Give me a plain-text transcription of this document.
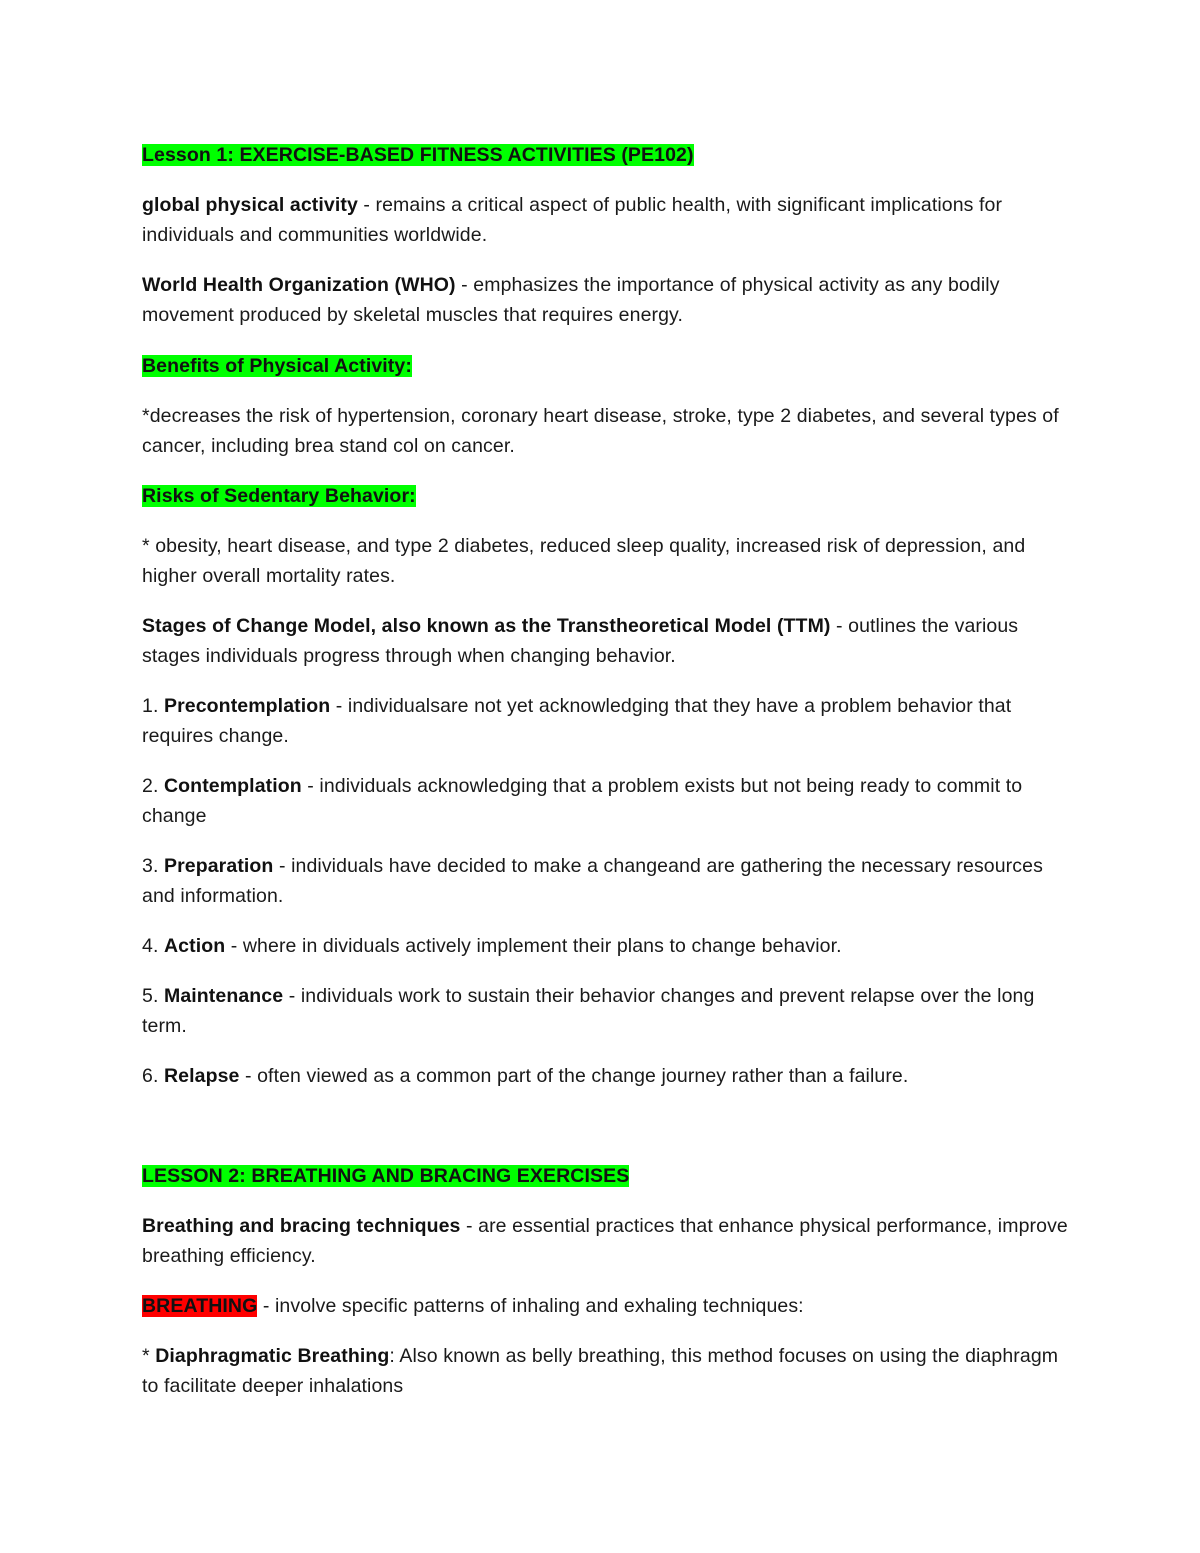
Lesson 1: EXERCISE-BASED FITNESS ACTIVITIES (PE102)
global physical activity - remains a critical aspect of public health, with significant implications for individuals and communities worldwide.
World Health Organization (WHO) - emphasizes the importance of physical activity as any bodily movement produced by skeletal muscles that requires energy.
Benefits of Physical Activity:
*decreases the risk of hypertension, coronary heart disease, stroke, type 2 diabetes, and several types of cancer, including brea stand col on cancer.
Risks of Sedentary Behavior:
* obesity, heart disease, and type 2 diabetes, reduced sleep quality, increased risk of depression, and higher overall mortality rates.
Stages of Change Model, also known as the Transtheoretical Model (TTM) - outlines the various stages individuals progress through when changing behavior.
1. Precontemplation - individualsare not yet acknowledging that they have a problem behavior that requires change.
2. Contemplation - individuals acknowledging that a problem exists but not being ready to commit to change
3. Preparation - individuals have decided to make a changeand are gathering the necessary resources and information.
4. Action - where in dividuals actively implement their plans to change behavior.
5. Maintenance - individuals work to sustain their behavior changes and prevent relapse over the long term.
6. Relapse - often viewed as a common part of the change journey rather than a failure.
LESSON 2: BREATHING AND BRACING EXERCISES
Breathing and bracing techniques - are essential practices that enhance physical performance, improve breathing efficiency.
BREATHING - involve specific patterns of inhaling and exhaling techniques:
* Diaphragmatic Breathing: Also known as belly breathing, this method focuses on using the diaphragm to facilitate deeper inhalations
